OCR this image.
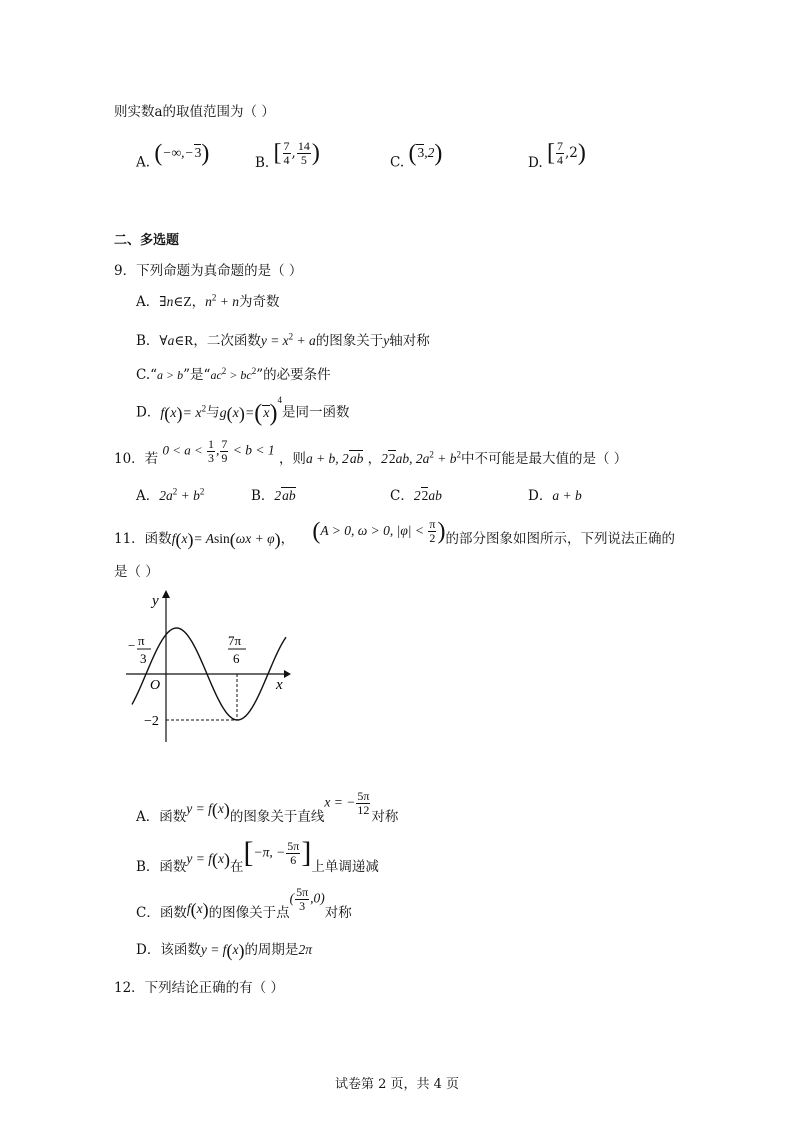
则实数a的取值范围为（ ）
A. (−∞,−3)	B. [ $\frac{7}{4}$ , $\frac{14}{5}$ )	C. (3,2)	D. [ $\frac{7}{4} ,2$)
二、多选题
9．下列命题为真命题的是（ ）
A．∃n∈Z，$n^2 + n$为奇数
B．∀a∈R，二次函数$y = x^2 + a$的图象关于y轴对称
C.“a > b”是“$ac^2 > bc^2$”的必要条件
D．$f(x)= x^2$与$g(x)=(x)^4$是同一函数
10．若 $0 < a < \frac{1}{3}$ , $\frac{7}{9} < b < 1$ ，则a + b, 2ab ，22ab, $2a^2 + b^2$中不可能是最大值的是（ ）
A．$2a^2 + b^2$	B．2ab	C．22ab	D．a + b
11．函数f(x)= Asin(ωx + φ)， (A > 0, ω > 0, $|\varphi| < \frac{\pi}{2}$ )的部分图象如图所示，下列说法正确的
是（ ）
y
x
O
− π
3
7π
6
−2
A．函数y = f(x)的图象关于直线x = − $\frac{5\pi}{12}$
对称
B．函数y = f(x)在[−π, − $\frac{5\pi}{6}$ ]上单调递减
C．函数f(x)的图像关于点( $\frac{5\pi}{3} ,0$)对称
D．该函数y = f(x)的周期是2π
12．下列结论正确的有（ ）
试卷第 2 页，共 4 页
